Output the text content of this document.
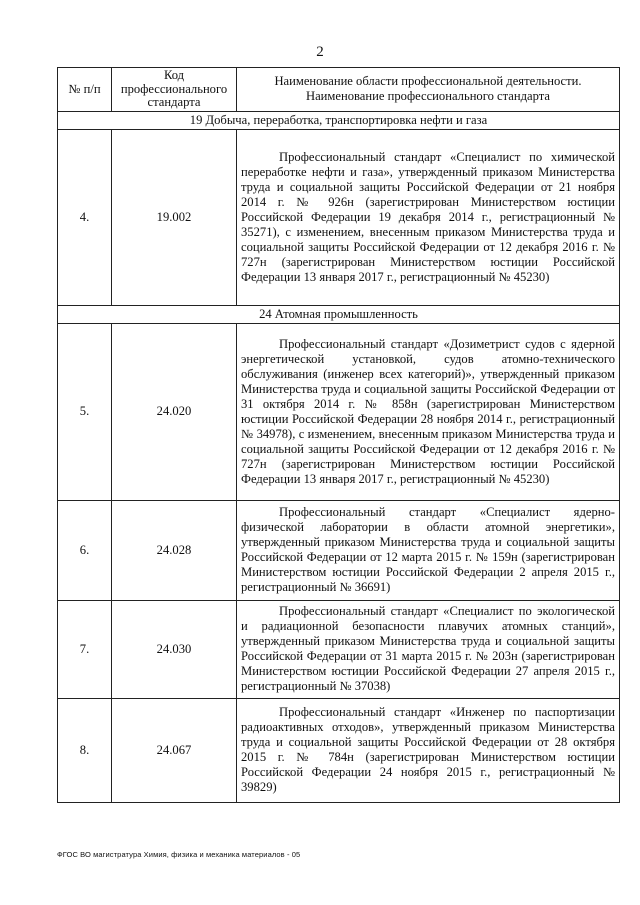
2
№ п/п	Код профессионального стандарта	Наименование области профессиональной деятельности. Наименование профессионального стандарта
19 Добыча, переработка, транспортировка нефти и газа		
4.	19.002	Профессиональный стандарт «Специалист по химической переработке нефти и газа», утвержденный приказом Министерства труда и социальной защиты Российской Федерации от 21 ноября 2014 г. № 926н (зарегистрирован Министерством юстиции Российской Федерации 19 декабря 2014 г., регистрационный № 35271), с изменением, внесенным приказом Министерства труда и социальной защиты Российской Федерации от 12 декабря 2016 г. № 727н (зарегистрирован Министерством юстиции Российской Федерации 13 января 2017 г., регистрационный № 45230)

24 Атомная промышленность		
5.	24.020	Профессиональный стандарт «Дозиметрист судов с ядерной энергетической установкой, судов атомно-технического обслуживания (инженер всех категорий)», утвержденный приказом Министерства труда и социальной защиты Российской Федерации от 31 октября 2014 г. № 858н (зарегистрирован Министерством юстиции Российской Федерации 28 ноября 2014 г., регистрационный № 34978), с изменением, внесенным приказом Министерства труда и социальной защиты Российской Федерации от 12 декабря 2016 г. № 727н (зарегистрирован Министерством юстиции Российской Федерации 13 января 2017 г., регистрационный № 45230)

6.	24.028	Профессиональный стандарт «Специалист ядерно-физической лаборатории в области атомной энергетики», утвержденный приказом Министерства труда и социальной защиты Российской Федерации от 12 марта 2015 г. № 159н (зарегистрирован Министерством юстиции Российской Федерации 2 апреля 2015 г., регистрационный № 36691)

7.	24.030	Профессиональный стандарт «Специалист по экологической и радиационной безопасности плавучих атомных станций», утвержденный приказом Министерства труда и социальной защиты Российской Федерации от 31 марта 2015 г. № 203н (зарегистрирован Министерством юстиции Российской Федерации 27 апреля 2015 г., регистрационный № 37038)

8.	24.067	Профессиональный стандарт «Инженер по паспортизации радиоактивных отходов», утвержденный приказом Министерства труда и социальной защиты Российской Федерации от 28 октября 2015 г. № 784н (зарегистрирован Министерством юстиции Российской Федерации 24 ноября 2015 г., регистрационный № 39829)
ФГОС ВО магистратура Химия, физика и механика материалов - 05
